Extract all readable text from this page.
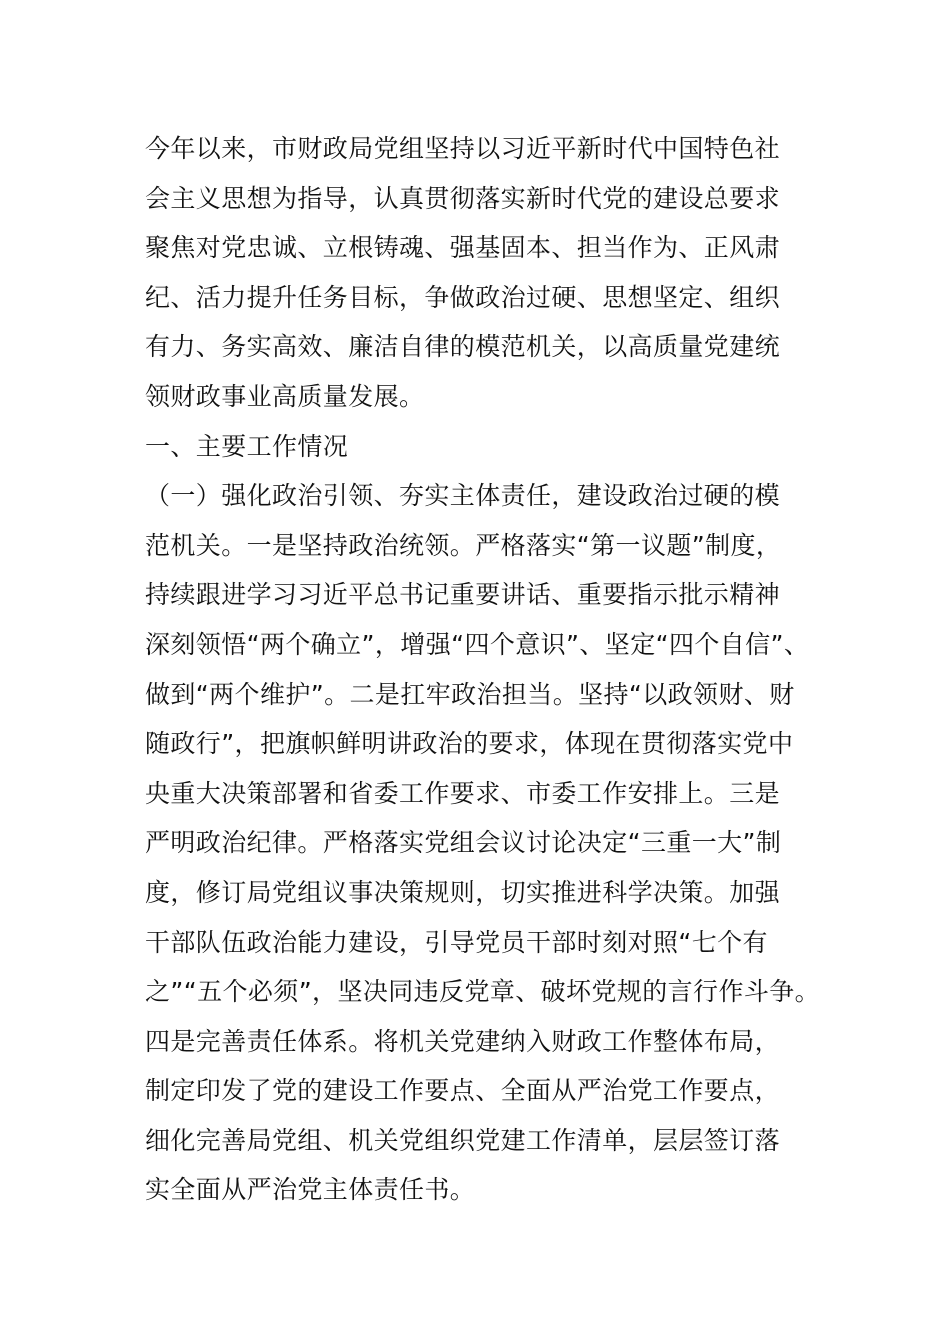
今年以来，市财政局党组坚持以习近平新时代中国特色社
会主义思想为指导，认真贯彻落实新时代党的建设总要求
聚焦对党忠诚、立根铸魂、强基固本、担当作为、正风肃
纪、活力提升任务目标，争做政治过硬、思想坚定、组织
有力、务实高效、廉洁自律的模范机关，以高质量党建统
领财政事业高质量发展。
一、主要工作情况
（一）强化政治引领、夯实主体责任，建设政治过硬的模
范机关。一是坚持政治统领。严格落实“第一议题”制度，
持续跟进学习习近平总书记重要讲话、重要指示批示精神
深刻领悟“两个确立”，增强“四个意识”、坚定“四个自信”、
做到“两个维护”。二是扛牢政治担当。坚持“以政领财、财
随政行”，把旗帜鲜明讲政治的要求，体现在贯彻落实党中
央重大决策部署和省委工作要求、市委工作安排上。三是
严明政治纪律。严格落实党组会议讨论决定“三重一大”制
度，修订局党组议事决策规则，切实推进科学决策。加强
干部队伍政治能力建设，引导党员干部时刻对照“七个有
之”“五个必须”，坚决同违反党章、破坏党规的言行作斗争。
四是完善责任体系。将机关党建纳入财政工作整体布局，
制定印发了党的建设工作要点、全面从严治党工作要点，
细化完善局党组、机关党组织党建工作清单，层层签订落
实全面从严治党主体责任书。
